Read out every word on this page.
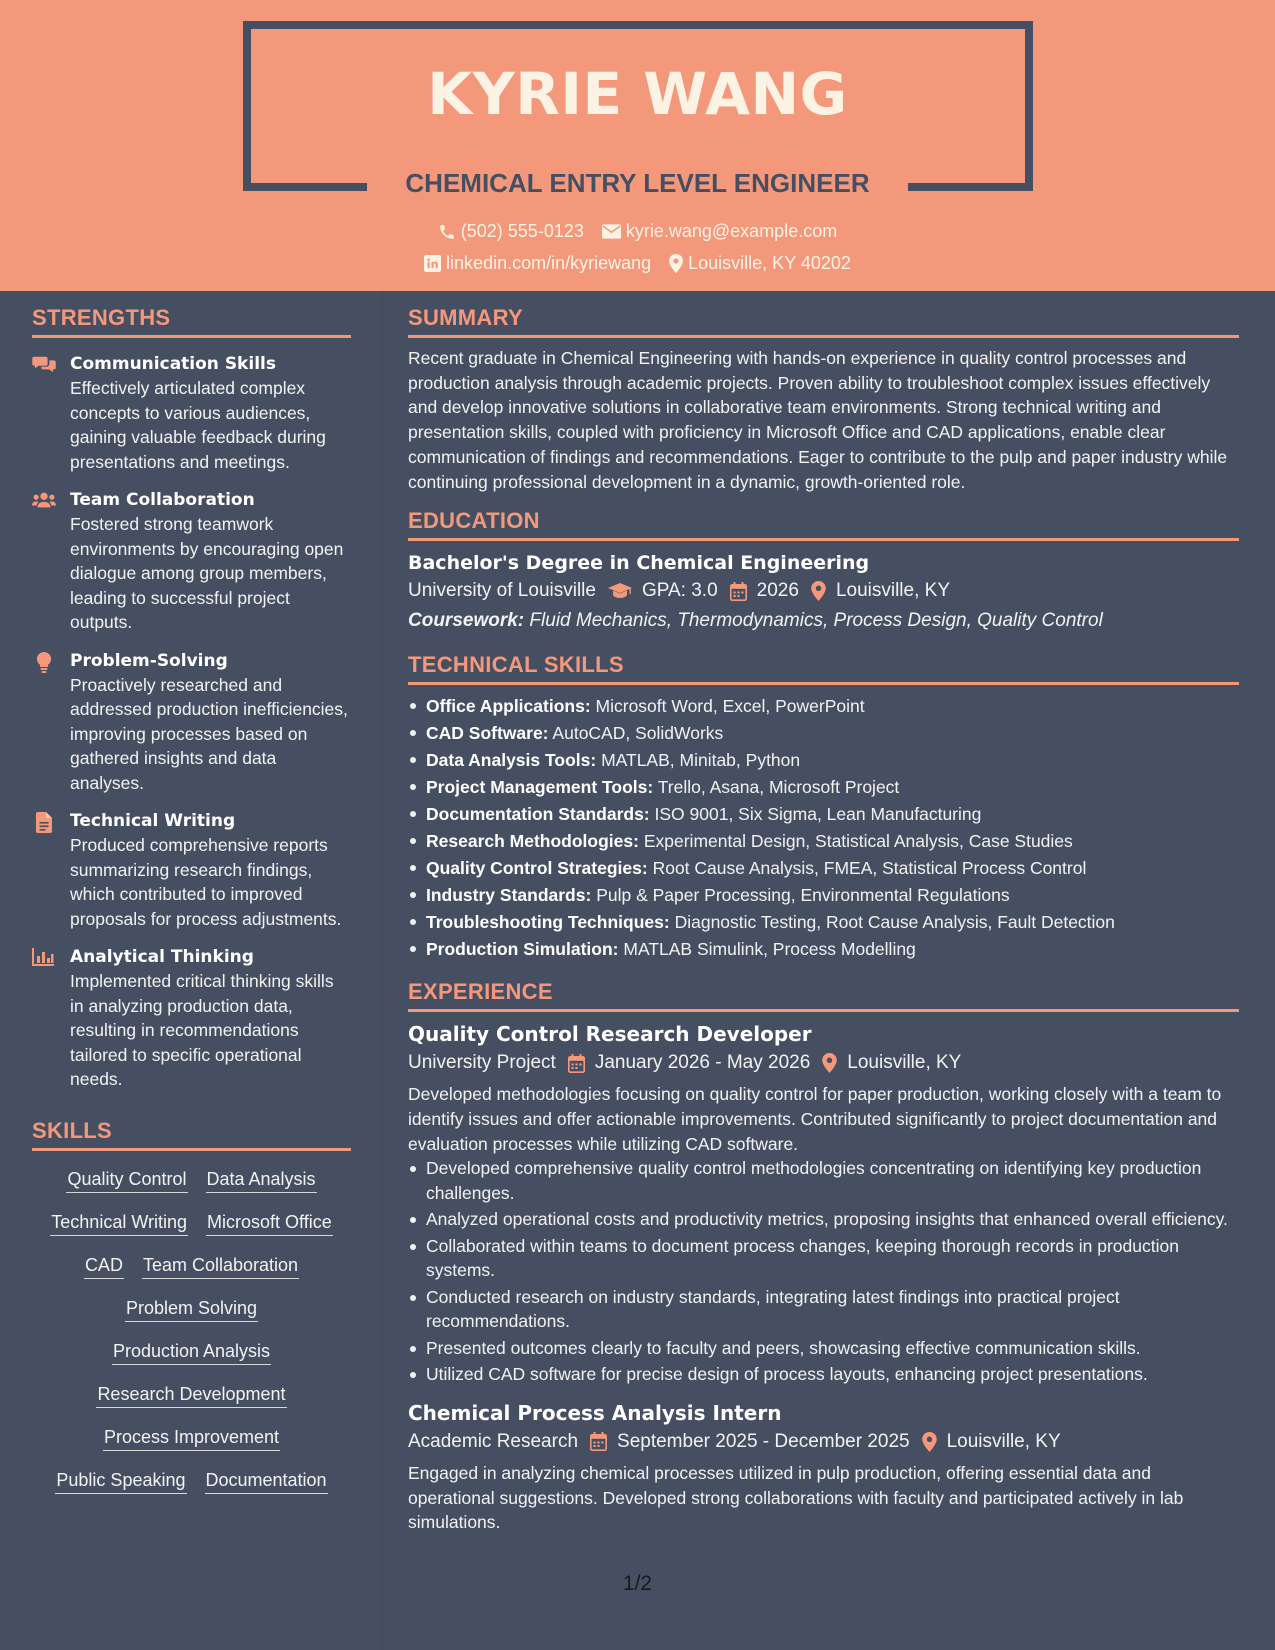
KYRIE WANG
CHEMICAL ENTRY LEVEL ENGINEER
(502) 555-0123 kyrie.wang@example.com
linkedin.com/in/kyriewang Louisville, KY 40202
STRENGTHS
Communication Skills
Effectively articulated complex concepts to various audiences, gaining valuable feedback during presentations and meetings.
Team Collaboration
Fostered strong teamwork environments by encouraging open dialogue among group members, leading to successful project outputs.
Problem-Solving
Proactively researched and addressed production inefficiencies, improving processes based on gathered insights and data analyses.
Technical Writing
Produced comprehensive reports summarizing research findings, which contributed to improved proposals for process adjustments.
Analytical Thinking
Implemented critical thinking skills in analyzing production data, resulting in recommendations tailored to specific operational needs.
SKILLS
Quality Control Data Analysis
Technical Writing Microsoft Office
CAD Team Collaboration
Problem Solving
Production Analysis
Research Development
Process Improvement
Public Speaking Documentation
SUMMARY
Recent graduate in Chemical Engineering with hands-on experience in quality control processes and production analysis through academic projects. Proven ability to troubleshoot complex issues effectively and develop innovative solutions in collaborative team environments. Strong technical writing and presentation skills, coupled with proficiency in Microsoft Office and CAD applications, enable clear communication of findings and recommendations. Eager to contribute to the pulp and paper industry while continuing professional development in a dynamic, growth-oriented role.
EDUCATION
Bachelor's Degree in Chemical Engineering
University of Louisville GPA: 3.0 2026 Louisville, KY
Coursework: Fluid Mechanics, Thermodynamics, Process Design, Quality Control
TECHNICAL SKILLS
Office Applications: Microsoft Word, Excel, PowerPoint
CAD Software: AutoCAD, SolidWorks
Data Analysis Tools: MATLAB, Minitab, Python
Project Management Tools: Trello, Asana, Microsoft Project
Documentation Standards: ISO 9001, Six Sigma, Lean Manufacturing
Research Methodologies: Experimental Design, Statistical Analysis, Case Studies
Quality Control Strategies: Root Cause Analysis, FMEA, Statistical Process Control
Industry Standards: Pulp & Paper Processing, Environmental Regulations
Troubleshooting Techniques: Diagnostic Testing, Root Cause Analysis, Fault Detection
Production Simulation: MATLAB Simulink, Process Modelling
EXPERIENCE
Quality Control Research Developer
University Project January 2026 - May 2026 Louisville, KY
Developed methodologies focusing on quality control for paper production, working closely with a team to identify issues and offer actionable improvements. Contributed significantly to project documentation and evaluation processes while utilizing CAD software.
Developed comprehensive quality control methodologies concentrating on identifying key production challenges.
Analyzed operational costs and productivity metrics, proposing insights that enhanced overall efficiency.
Collaborated within teams to document process changes, keeping thorough records in production systems.
Conducted research on industry standards, integrating latest findings into practical project recommendations.
Presented outcomes clearly to faculty and peers, showcasing effective communication skills.
Utilized CAD software for precise design of process layouts, enhancing project presentations.
Chemical Process Analysis Intern
Academic Research September 2025 - December 2025 Louisville, KY
Engaged in analyzing chemical processes utilized in pulp production, offering essential data and operational suggestions. Developed strong collaborations with faculty and participated actively in lab simulations.
1/2
